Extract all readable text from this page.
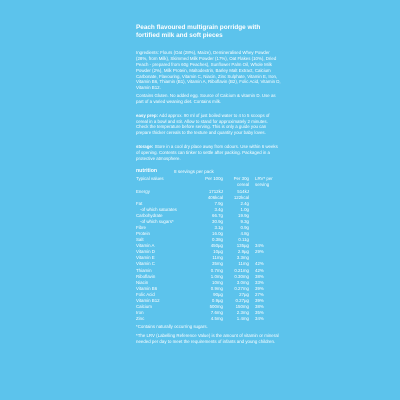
Peach flavoured multigrain porridge with fortified milk and soft pieces

Ingredients: Flours (Oat (28%), Maize), Demineralised Whey Powder (28%, from Milk), Skimmed Milk Powder (17%), Oat Flakes (10%), Dried Peach - prepared from 60g Peaches), Sunflower Palm Oil, Whole Milk Powder (2%), Milk Protein, Maltodextrin, Barley Malt Extract, Calcium Carbonate, Flavouring, Vitamin C, Niacin, Zinc Sulphate, Vitamin E, Iron, Vitamin B6, Thiamin (B1), Vitamin A, Riboflavin (B2), Folic Acid, Vitamin D, Vitamin B12.

Contains Gluten. No added egg. Source of Calcium & vitamin D. Use as part of a varied weaning diet. Contains milk.

easy prep: Add approx. 90 ml of just boiled water to 4 to 5 scoops of cereal in a bowl and stir. Allow to stand for approximately 2 minutes. Check the temperature before serving. This is only a guide you can prepare thicker cereals to the texture and quantity your baby loves.

storage: Store in a cool dry place away from odours. Use within 6 weeks of opening. Contents can tinker to settle after packing. Packaged in a protective atmosphere.

nutrition	8 servings per pack
Typical values	Per 100g	Per 30g cereal		LRV* per serving
Energy	1712kJ	514kJ		
	406kcal	122kcal		
Fat	7.9g	2.4g		
-of which saturates	3.4g	1.0g		
Carbohydrate	66.7g	19.9g		
-of which sugars*	30.9g	9.3g		
Fibre	3.1g	0.9g		
Protein	16.0g	4.8g		
Salt	0.38g	0.11g		
Vitamin A	450µg	135µg		34%
Vitamin D	10µg	2.9µg		29%
Vitamin E	11mg	3.3mg		
Vitamin C	35mg	11mg		42%
Thiamin	0.7mg	0.21mg		42%
Riboflavin	1.0mg	0.30mg		38%
Niacin	10mg	3.0mg		33%
Vitamin B6	0.9mg	0.27mg		39%
Folic Acid	90µg	27µg		27%
Vitamin B12	0.9µg	0.27µg		39%
Calcium	500mg	150mg		38%
Iron	7.6mg	2.3mg		35%
Zinc	4.5mg	1.4mg		34%

*Contains naturally occurring sugars.

*The LRV (Labelling Reference Value) is the amount of vitamin or mineral needed per day to meet the requirements of infants and young children.
